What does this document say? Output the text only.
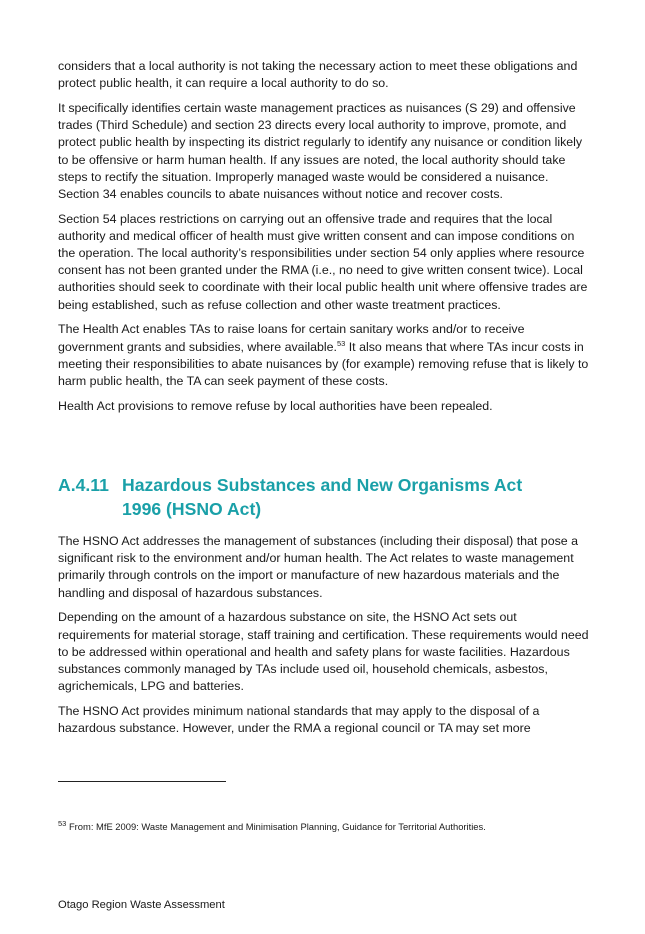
considers that a local authority is not taking the necessary action to meet these obligations and protect public health, it can require a local authority to do so.

It specifically identifies certain waste management practices as nuisances (S 29) and offensive trades (Third Schedule) and section 23 directs every local authority to improve, promote, and protect public health by inspecting its district regularly to identify any nuisance or condition likely to be offensive or harm human health. If any issues are noted, the local authority should take steps to rectify the situation. Improperly managed waste would be considered a nuisance. Section 34 enables councils to abate nuisances without notice and recover costs.

Section 54 places restrictions on carrying out an offensive trade and requires that the local authority and medical officer of health must give written consent and can impose conditions on the operation. The local authority’s responsibilities under section 54 only applies where resource consent has not been granted under the RMA (i.e., no need to give written consent twice). Local authorities should seek to coordinate with their local public health unit where offensive trades are being established, such as refuse collection and other waste treatment practices.

The Health Act enables TAs to raise loans for certain sanitary works and/or to receive government grants and subsidies, where available.$^{53}$ It also means that where TAs incur costs in meeting their responsibilities to abate nuisances by (for example) removing refuse that is likely to harm public health, the TA can seek payment of these costs.

Health Act provisions to remove refuse by local authorities have been repealed.

A.4.11 Hazardous Substances and New Organisms Act
1996 (HSNO Act)

The HSNO Act addresses the management of substances (including their disposal) that pose a significant risk to the environment and/or human health. The Act relates to waste management primarily through controls on the import or manufacture of new hazardous materials and the handling and disposal of hazardous substances.

Depending on the amount of a hazardous substance on site, the HSNO Act sets out requirements for material storage, staff training and certification. These requirements would need to be addressed within operational and health and safety plans for waste facilities. Hazardous substances commonly managed by TAs include used oil, household chemicals, asbestos, agrichemicals, LPG and batteries.

The HSNO Act provides minimum national standards that may apply to the disposal of a hazardous substance. However, under the RMA a regional council or TA may set more

$^{53}$ From: MfE 2009: Waste Management and Minimisation Planning, Guidance for Territorial Authorities.
Otago Region Waste Assessment
